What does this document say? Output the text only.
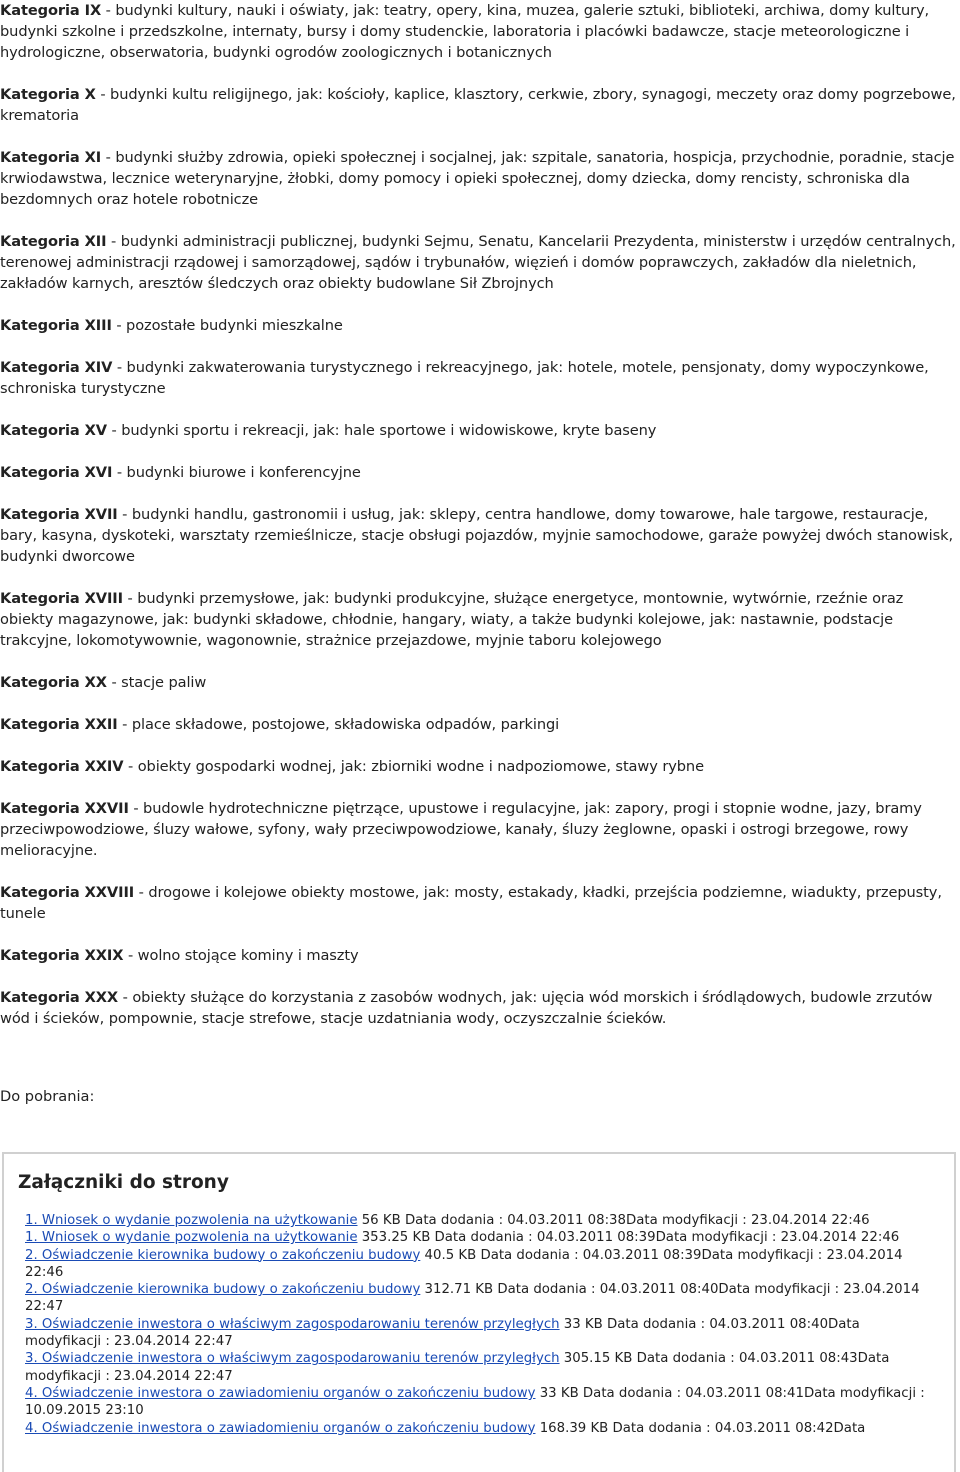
Kategoria IX - budynki kultury, nauki i oświaty, jak: teatry, opery, kina, muzea, galerie sztuki, biblioteki, archiwa, domy kultury, budynki szkolne i przedszkolne, internaty, bursy i domy studenckie, laboratoria i placówki badawcze, stacje meteorologiczne i hydrologiczne, obserwatoria, budynki ogrodów zoologicznych i botanicznych

Kategoria X - budynki kultu religijnego, jak: kościoły, kaplice, klasztory, cerkwie, zbory, synagogi, meczety oraz domy pogrzebowe, krematoria

Kategoria XI - budynki służby zdrowia, opieki społecznej i socjalnej, jak: szpitale, sanatoria, hospicja, przychodnie, poradnie, stacje krwiodawstwa, lecznice weterynaryjne, żłobki, domy pomocy i opieki społecznej, domy dziecka, domy rencisty, schroniska dla bezdomnych oraz hotele robotnicze

Kategoria XII - budynki administracji publicznej, budynki Sejmu, Senatu, Kancelarii Prezydenta, ministerstw i urzędów centralnych, terenowej administracji rządowej i samorządowej, sądów i trybunałów, więzień i domów poprawczych, zakładów dla nieletnich, zakładów karnych, aresztów śledczych oraz obiekty budowlane Sił Zbrojnych

Kategoria XIII - pozostałe budynki mieszkalne

Kategoria XIV - budynki zakwaterowania turystycznego i rekreacyjnego, jak: hotele, motele, pensjonaty, domy wypoczynkowe, schroniska turystyczne

Kategoria XV - budynki sportu i rekreacji, jak: hale sportowe i widowiskowe, kryte baseny

Kategoria XVI - budynki biurowe i konferencyjne

Kategoria XVII - budynki handlu, gastronomii i usług, jak: sklepy, centra handlowe, domy towarowe, hale targowe, restauracje, bary, kasyna, dyskoteki, warsztaty rzemieślnicze, stacje obsługi pojazdów, myjnie samochodowe, garaże powyżej dwóch stanowisk, budynki dworcowe

Kategoria XVIII - budynki przemysłowe, jak: budynki produkcyjne, służące energetyce, montownie, wytwórnie, rzeźnie oraz obiekty magazynowe, jak: budynki składowe, chłodnie, hangary, wiaty, a także budynki kolejowe, jak: nastawnie, podstacje trakcyjne, lokomotywownie, wagonownie, strażnice przejazdowe, myjnie taboru kolejowego

Kategoria XX - stacje paliw

Kategoria XXII - place składowe, postojowe, składowiska odpadów, parkingi

Kategoria XXIV - obiekty gospodarki wodnej, jak: zbiorniki wodne i nadpoziomowe, stawy rybne

Kategoria XXVII - budowle hydrotechniczne piętrzące, upustowe i regulacyjne, jak: zapory, progi i stopnie wodne, jazy, bramy przeciwpowodziowe, śluzy wałowe, syfony, wały przeciwpowodziowe, kanały, śluzy żeglowne, opaski i ostrogi brzegowe, rowy melioracyjne.

Kategoria XXVIII - drogowe i kolejowe obiekty mostowe, jak: mosty, estakady, kładki, przejścia podziemne, wiadukty, przepusty, tunele

Kategoria XXIX - wolno stojące kominy i maszty

Kategoria XXX - obiekty służące do korzystania z zasobów wodnych, jak: ujęcia wód morskich i śródlądowych, budowle zrzutów wód i ścieków, pompownie, stacje strefowe, stacje uzdatniania wody, oczyszczalnie ścieków.

Do pobrania:
Załączniki do strony

1. Wniosek o wydanie pozwolenia na użytkowanie 56 KB Data dodania : 04.03.2011 08:38Data modyfikacji : 23.04.2014 22:46

1. Wniosek o wydanie pozwolenia na użytkowanie 353.25 KB Data dodania : 04.03.2011 08:39Data modyfikacji : 23.04.2014 22:46

2. Oświadczenie kierownika budowy o zakończeniu budowy 40.5 KB Data dodania : 04.03.2011 08:39Data modyfikacji : 23.04.2014 22:46

2. Oświadczenie kierownika budowy o zakończeniu budowy 312.71 KB Data dodania : 04.03.2011 08:40Data modyfikacji : 23.04.2014 22:47

3. Oświadczenie inwestora o właściwym zagospodarowaniu terenów przyległych 33 KB Data dodania : 04.03.2011 08:40Data modyfikacji : 23.04.2014 22:47

3. Oświadczenie inwestora o właściwym zagospodarowaniu terenów przyległych 305.15 KB Data dodania : 04.03.2011 08:43Data modyfikacji : 23.04.2014 22:47

4. Oświadczenie inwestora o zawiadomieniu organów o zakończeniu budowy 33 KB Data dodania : 04.03.2011 08:41Data modyfikacji : 10.09.2015 23:10

4. Oświadczenie inwestora o zawiadomieniu organów o zakończeniu budowy 168.39 KB Data dodania : 04.03.2011 08:42Data
